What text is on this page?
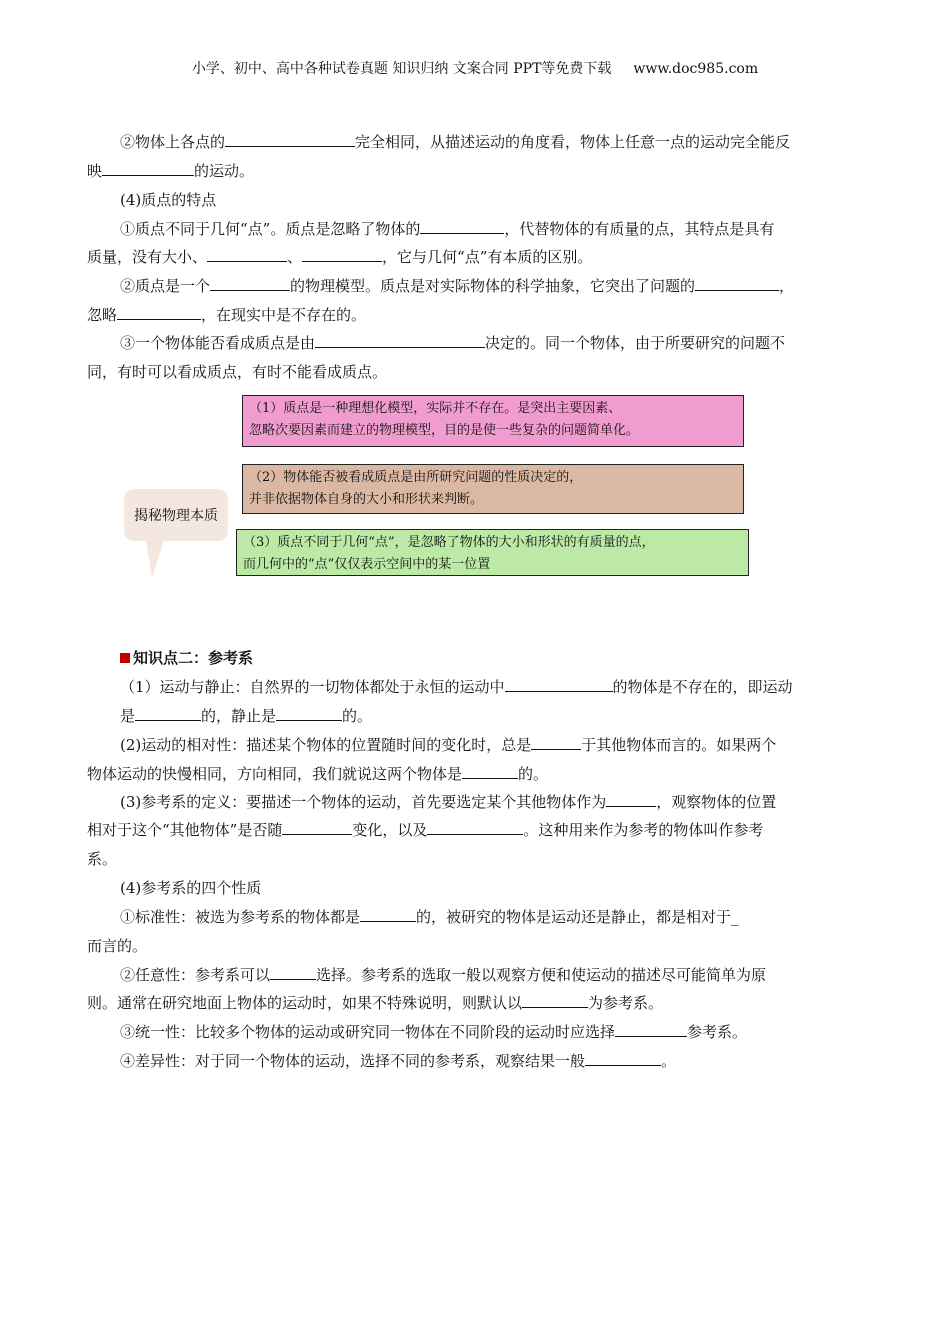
小学、初中、高中各种试卷真题 知识归纳 文案合同 PPT等免费下载 www.doc985.com
②物体上各点的	完全相同，从描述运动的角度看，物体上任意一点的运动完全能反
映	的运动。
(4)质点的特点
①质点不同于几何“点”。质点是忽略了物体的	，代替物体的有质量的点，其特点是具有
质量，没有大小、	、	，它与几何“点”有本质的区别。
②质点是一个	的物理模型。质点是对实际物体的科学抽象，它突出了问题的	，
忽略	，在现实中是不存在的。
③一个物体能否看成质点是由	决定的。同一个物体，由于所要研究的问题不
同，有时可以看成质点，有时不能看成质点。
（1）质点是一种理想化模型，实际并不存在。是突出主要因素、
忽略次要因素而建立的物理模型，目的是使一些复杂的问题简单化。
（2）物体能否被看成质点是由所研究问题的性质决定的，
并非依据物体自身的大小和形状来判断。
揭秘物理本质
（3）质点不同于几何“点”，是忽略了物体的大小和形状的有质量的点，
而几何中的“点”仅仅表示空间中的某一位置
知识点二：参考系
（1）运动与静止：自然界的一切物体都处于永恒的运动中	的物体是不存在的，即运动
是	的，静止是	的。
(2)运动的相对性：描述某个物体的位置随时间的变化时，总是	于其他物体而言的。如果两个
物体运动的快慢相同，方向相同，我们就说这两个物体是	的。
(3)参考系的定义：要描述一个物体的运动，首先要选定某个其他物体作为	，观察物体的位置
相对于这个“其他物体”是否随	变化，以及	。这种用来作为参考的物体叫作参考
系。
(4)参考系的四个性质
①标准性：被选为参考系的物体都是	的，被研究的物体是运动还是静止，都是相对于_
而言的。
②任意性：参考系可以	选择。参考系的选取一般以观察方便和使运动的描述尽可能简单为原
则。通常在研究地面上物体的运动时，如果不特殊说明，则默认以	为参考系。
③统一性：比较多个物体的运动或研究同一物体在不同阶段的运动时应选择	参考系。
④差异性：对于同一个物体的运动，选择不同的参考系，观察结果一般	。
